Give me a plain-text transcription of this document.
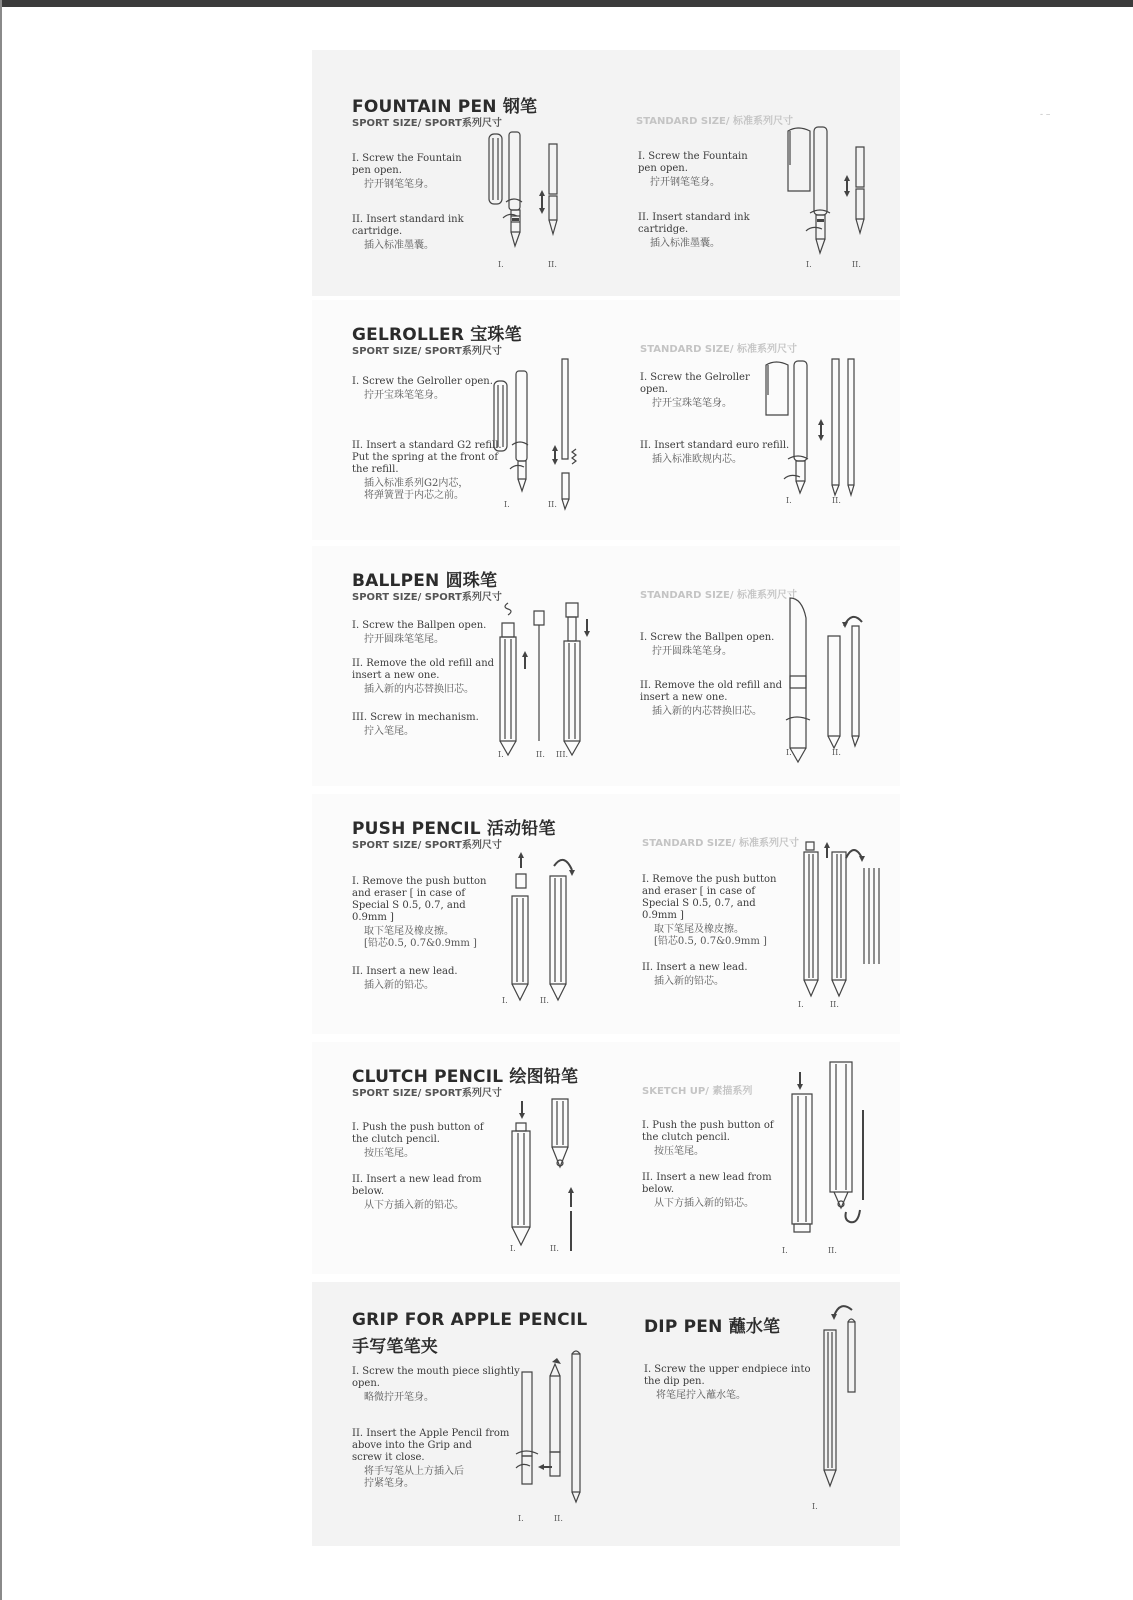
- –
FOUNTAIN PEN 钢笔
SPORT SIZE/ SPORT系列尺寸
I. Screw the Fountain
pen open.
拧开钢笔笔身。
II. Insert standard ink
cartridge.
插入标准墨囊。
I.	II.
STANDARD SIZE/ 标准系列尺寸
I. Screw the Fountain
pen open.
拧开钢笔笔身。
II. Insert standard ink
cartridge.
插入标准墨囊。
I.	II.
GELROLLER 宝珠笔
SPORT SIZE/ SPORT系列尺寸
I. Screw the Gelroller open.
拧开宝珠笔笔身。
II. Insert a standard G2 refill.
Put the spring at the front of
the refill.
插入标准系列G2内芯，
将弹簧置于内芯之前。
I.	II.
STANDARD SIZE/ 标准系列尺寸
I. Screw the Gelroller
open.
拧开宝珠笔笔身。
II. Insert standard euro refill.
插入标准欧规内芯。
I.	II.
BALLPEN 圆珠笔
SPORT SIZE/ SPORT系列尺寸
I. Screw the Ballpen open.
拧开圆珠笔笔尾。
II. Remove the old refill and
insert a new one.
插入新的内芯替换旧芯。
III. Screw in mechanism.
拧入笔尾。
I.	II. III.
STANDARD SIZE/ 标准系列尺寸
I. Screw the Ballpen open.
拧开圆珠笔笔身。
II. Remove the old refill and
insert a new one.
插入新的内芯替换旧芯。
I.	II.
PUSH PENCIL 活动铅笔
SPORT SIZE/ SPORT系列尺寸
I. Remove the push button
and eraser [ in case of
Special S 0.5, 0.7, and
0.9mm ]
取下笔尾及橡皮擦。
[铅芯0.5, 0.7&0.9mm ]
II. Insert a new lead.
插入新的铅芯。
I.	II.
STANDARD SIZE/ 标准系列尺寸
I. Remove the push button
and eraser [ in case of
Special S 0.5, 0.7, and
0.9mm ]
取下笔尾及橡皮擦。
[铅芯0.5, 0.7&0.9mm ]
II. Insert a new lead.
插入新的铅芯。
I.	II.
CLUTCH PENCIL 绘图铅笔
SPORT SIZE/ SPORT系列尺寸
I. Push the push button of
the clutch pencil.
按压笔尾。
II. Insert a new lead from
below.
从下方插入新的铅芯。
I.	II.
SKETCH UP/ 素描系列
I. Push the push button of
the clutch pencil.
按压笔尾。
II. Insert a new lead from
below.
从下方插入新的铅芯。
I.	II.
GRIP FOR APPLE PENCIL
手写笔笔夹
I. Screw the mouth piece slightly
open.
略微拧开笔身。
II. Insert the Apple Pencil from
above into the Grip and
screw it close.
将手写笔从上方插入后
拧紧笔身。
I.	II.
DIP PEN 蘸水笔
I. Screw the upper endpiece into
the dip pen.
将笔尾拧入蘸水笔。
I.
